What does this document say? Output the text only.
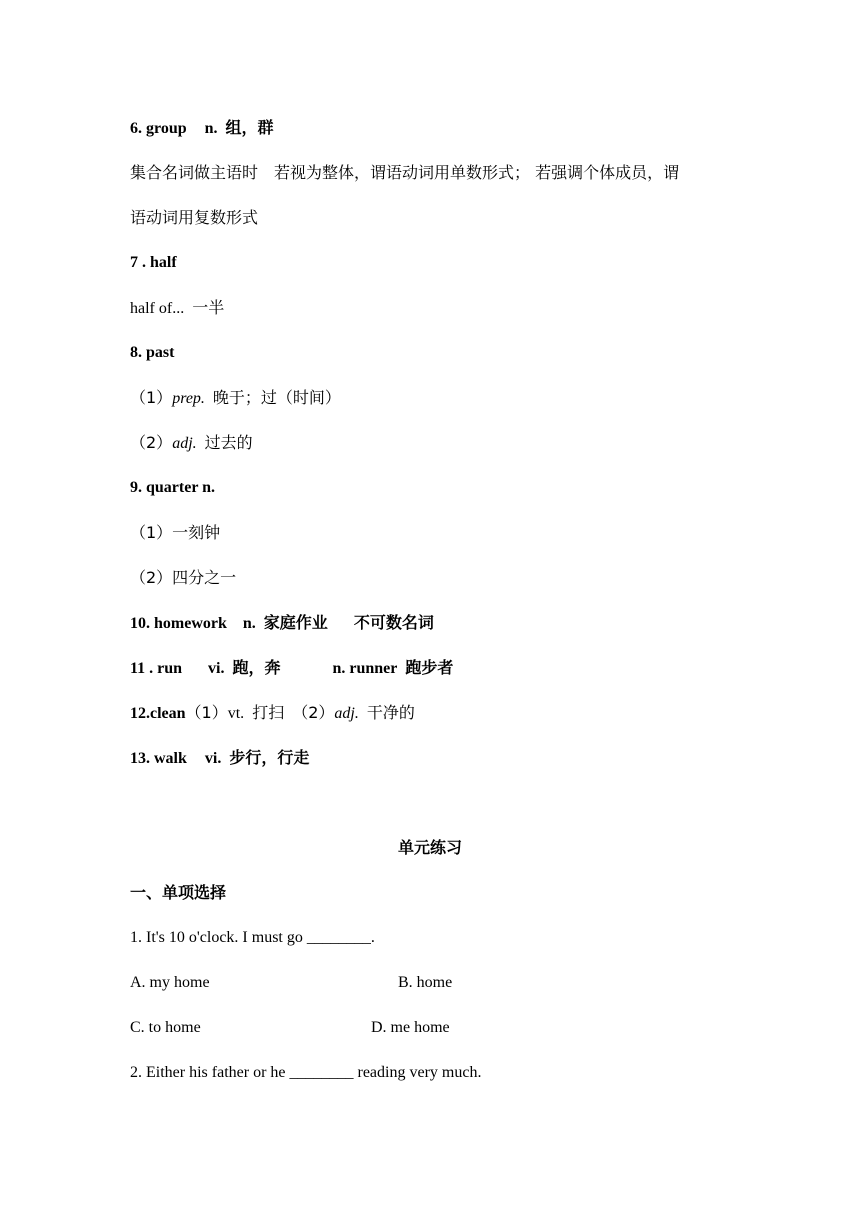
6. group n. 组，群
集合名词做主语时　若视为整体，谓语动词用单数形式； 若强调个体成员，谓
语动词用复数形式
7 . half
half of... 一半
8. past
（1）prep. 晚于；过（时间）
（2）adj. 过去的
9. quarter n.
（1）一刻钟
（2）四分之一
10. homework n. 家庭作业 不可数名词
11 . run vi. 跑，奔	n. runner 跑步者
12.clean（1）vt. 打扫 （2）adj. 干净的
13. walk vi. 步行，行走
单元练习
一、单项选择
1. It's 10 o'clock. I must go ________.
A. my home	B. home
C. to home	D. me home
2. Either his father or he ________ reading very much.
